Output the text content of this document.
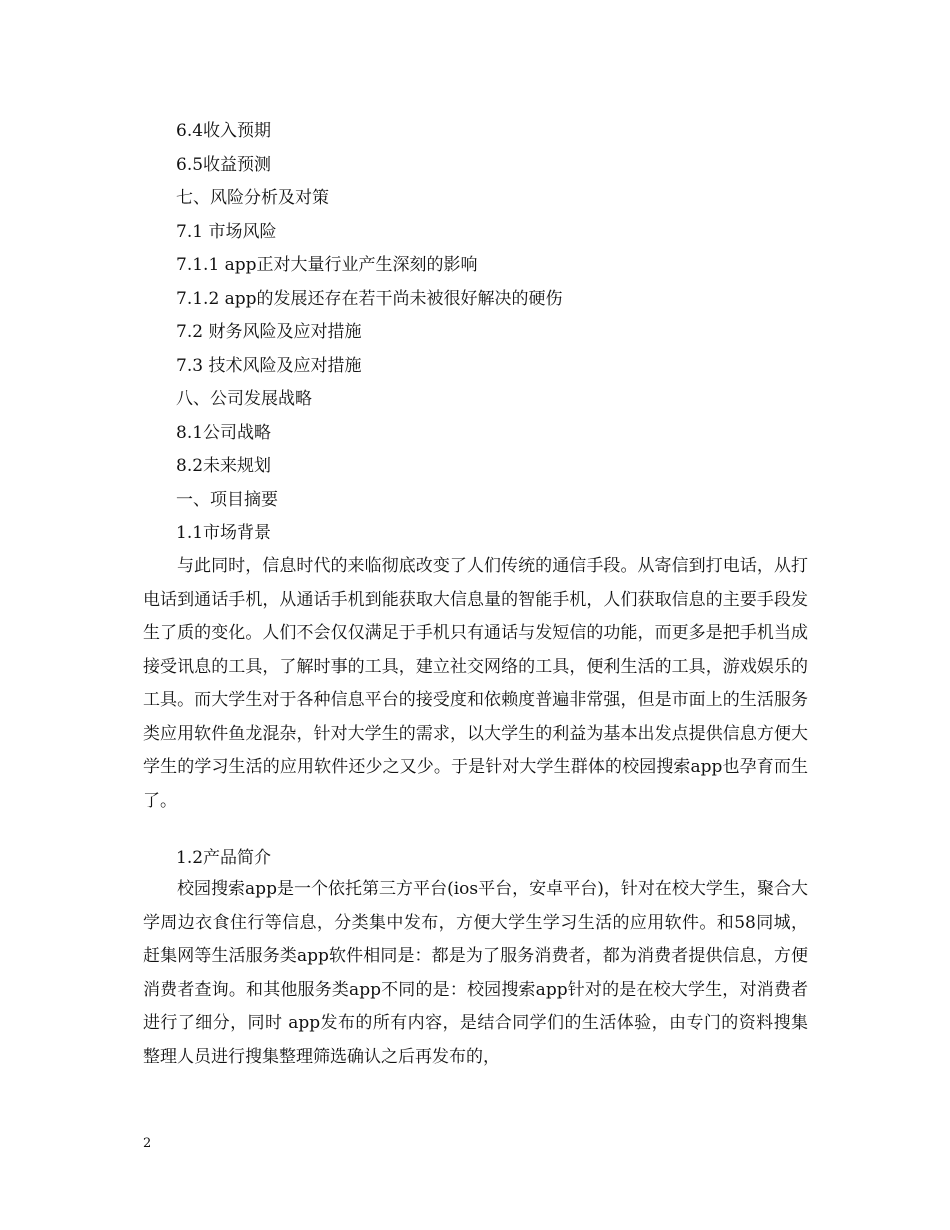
6.4收入预期
6.5收益预测
七、风险分析及对策
7.1 市场风险
7.1.1 app正对大量行业产生深刻的影响
7.1.2 app的发展还存在若干尚未被很好解决的硬伤
7.2 财务风险及应对措施
7.3 技术风险及应对措施
八、公司发展战略
8.1公司战略
8.2未来规划
一、项目摘要
1.1市场背景
与此同时，信息时代的来临彻底改变了人们传统的通信手段。从寄信到打电话，从打电话到通话手机，从通话手机到能获取大信息量的智能手机，人们获取信息的主要手段发生了质的变化。人们不会仅仅满足于手机只有通话与发短信的功能，而更多是把手机当成接受讯息的工具，了解时事的工具，建立社交网络的工具，便利生活的工具，游戏娱乐的工具。而大学生对于各种信息平台的接受度和依赖度普遍非常强，但是市面上的生活服务类应用软件鱼龙混杂，针对大学生的需求，以大学生的利益为基本出发点提供信息方便大学生的学习生活的应用软件还少之又少。于是针对大学生群体的校园搜索app也孕育而生了。
1.2产品简介
校园搜索app是一个依托第三方平台(ios平台，安卓平台)，针对在校大学生，聚合大学周边衣食住行等信息，分类集中发布，方便大学生学习生活的应用软件。和58同城，赶集网等生活服务类app软件相同是：都是为了服务消费者，都为消费者提供信息，方便消费者查询。和其他服务类app不同的是：校园搜索app针对的是在校大学生，对消费者进行了细分，同时 app发布的所有内容，是结合同学们的生活体验，由专门的资料搜集整理人员进行搜集整理筛选确认之后再发布的，
2
